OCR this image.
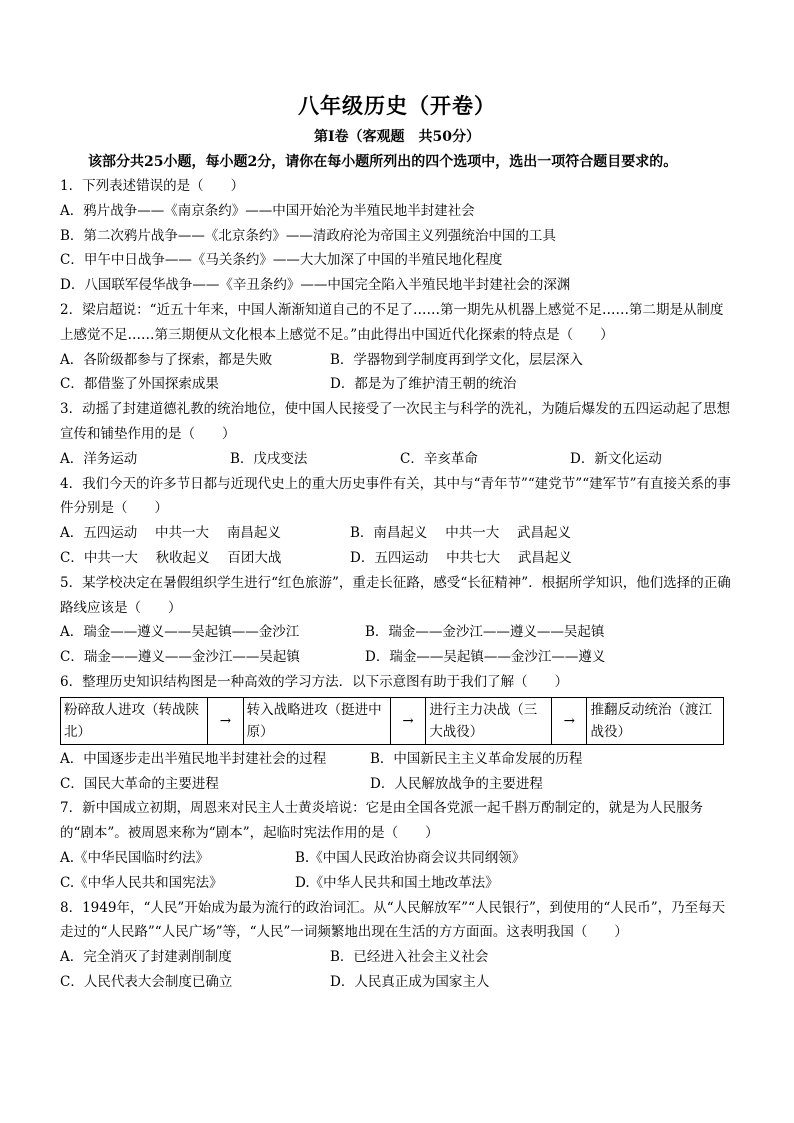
八年级历史（开卷）
第Ⅰ卷（客观题　共50分）

该部分共25小题，每小题2分，请你在每小题所列出的四个选项中，选出一项符合题目要求的。

1．下列表述错误的是（　　）

A．鸦片战争——《南京条约》——中国开始沦为半殖民地半封建社会
B．第二次鸦片战争——《北京条约》——清政府沦为帝国主义列强统治中国的工具
C．甲午中日战争——《马关条约》——大大加深了中国的半殖民地化程度
D．八国联军侵华战争——《辛丑条约》——中国完全陷入半殖民地半封建社会的深渊

2．梁启超说：“近五十年来，中国人渐渐知道自己的不足了……第一期先从机器上感觉不足……第二期是从制度上感觉不足……第三期便从文化根本上感觉不足。”由此得出中国近代化探索的特点是（　　）

A．各阶级都参与了探索，都是失败	B．学器物到学制度再到学文化，层层深入
C．都借鉴了外国探索成果	D．都是为了维护清王朝的统治

3．动摇了封建道德礼教的统治地位，使中国人民接受了一次民主与科学的洗礼，为随后爆发的五四运动起了思想宣传和铺垫作用的是（　　）

A．洋务运动	B．戊戌变法	C．辛亥革命	D．新文化运动

4．我们今天的许多节日都与近现代史上的重大历史事件有关，其中与“青年节”“建党节”“建军节”有直接关系的事件分别是（　　）

A．五四运动　 中共一大　 南昌起义	B．南昌起义　 中共一大　 武昌起义
C．中共一大　 秋收起义　 百团大战	D．五四运动　 中共七大　 武昌起义

5．某学校决定在暑假组织学生进行“红色旅游”，重走长征路，感受“长征精神”．根据所学知识，他们选择的正确路线应该是（　　）

A．瑞金——遵义——吴起镇——金沙江	B．瑞金——金沙江——遵义——吴起镇
C．瑞金——遵义——金沙江——吴起镇	D．瑞金——吴起镇——金沙江——遵义

6．整理历史知识结构图是一种高效的学习方法．以下示意图有助于我们了解（　　）

粉碎敌人进攻（转战陕北）	→	转入战略进攻（挺进中原）	→	进行主力决战（三大战役）	→	推翻反动统治（渡江战役）
A．中国逐步走出半殖民地半封建社会的过程	B．中国新民主主义革命发展的历程
C．国民大革命的主要进程	D．人民解放战争的主要进程

7．新中国成立初期，周恩来对民主人士黄炎培说：它是由全国各党派一起千斟万酌制定的，就是为人民服务的“剧本”。被周恩来称为“剧本”，起临时宪法作用的是（　　）

A.《中华民国临时约法》	B.《中国人民政治协商会议共同纲领》
C.《中华人民共和国宪法》	D.《中华人民共和国土地改革法》

8．1949年，“人民”开始成为最为流行的政治词汇。从“人民解放军”“人民银行”，到使用的“人民币”，乃至每天走过的“人民路”“人民广场”等，“人民”一词频繁地出现在生活的方方面面。这表明我国（　　）

A．完全消灭了封建剥削制度	B．已经进入社会主义社会
C．人民代表大会制度已确立	D．人民真正成为国家主人
